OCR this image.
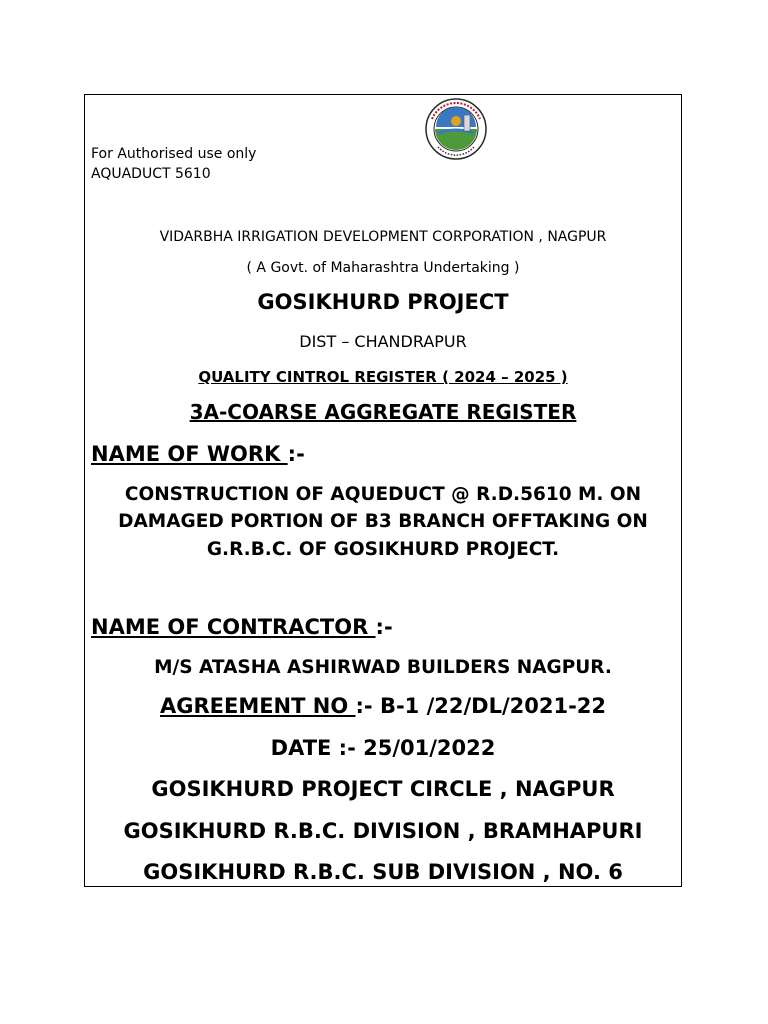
For Authorised use only
AQUADUCT 5610
VIDARBHA IRRIGATION DEVELOPMENT CORPORATION , NAGPUR
( A Govt. of Maharashtra Undertaking )
GOSIKHURD PROJECT
DIST – CHANDRAPUR
QUALITY CINTROL REGISTER ( 2024 – 2025 )
3A-COARSE AGGREGATE REGISTER
NAME OF WORK :-
CONSTRUCTION OF AQUEDUCT @ R.D.5610 M. ON
DAMAGED PORTION OF B3 BRANCH OFFTAKING ON
G.R.B.C. OF GOSIKHURD PROJECT.
NAME OF CONTRACTOR :-
M/S ATASHA ASHIRWAD BUILDERS NAGPUR.
AGREEMENT NO :- B-1 /22/DL/2021-22
DATE :- 25/01/2022
GOSIKHURD PROJECT CIRCLE , NAGPUR
GOSIKHURD R.B.C. DIVISION , BRAMHAPURI
GOSIKHURD R.B.C. SUB DIVISION , NO. 6
